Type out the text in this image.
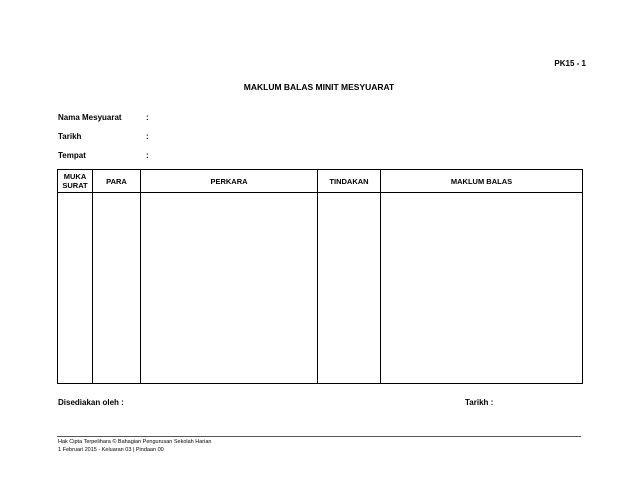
PK15 - 1
MAKLUM BALAS MINIT MESYUARAT
Nama Mesyuarat	:
Tarikh	:
Tempat	:
MUKA
SURAT	PARA	PERKARA	TINDAKAN	MAKLUM BALAS

Disediakan oleh :	Tarikh :
Hak Cipta Terpelihara © Bahagian Pengurusan Sekolah Harian
1 Februari 2015 - Keluaran 03 | Pindaan 00
